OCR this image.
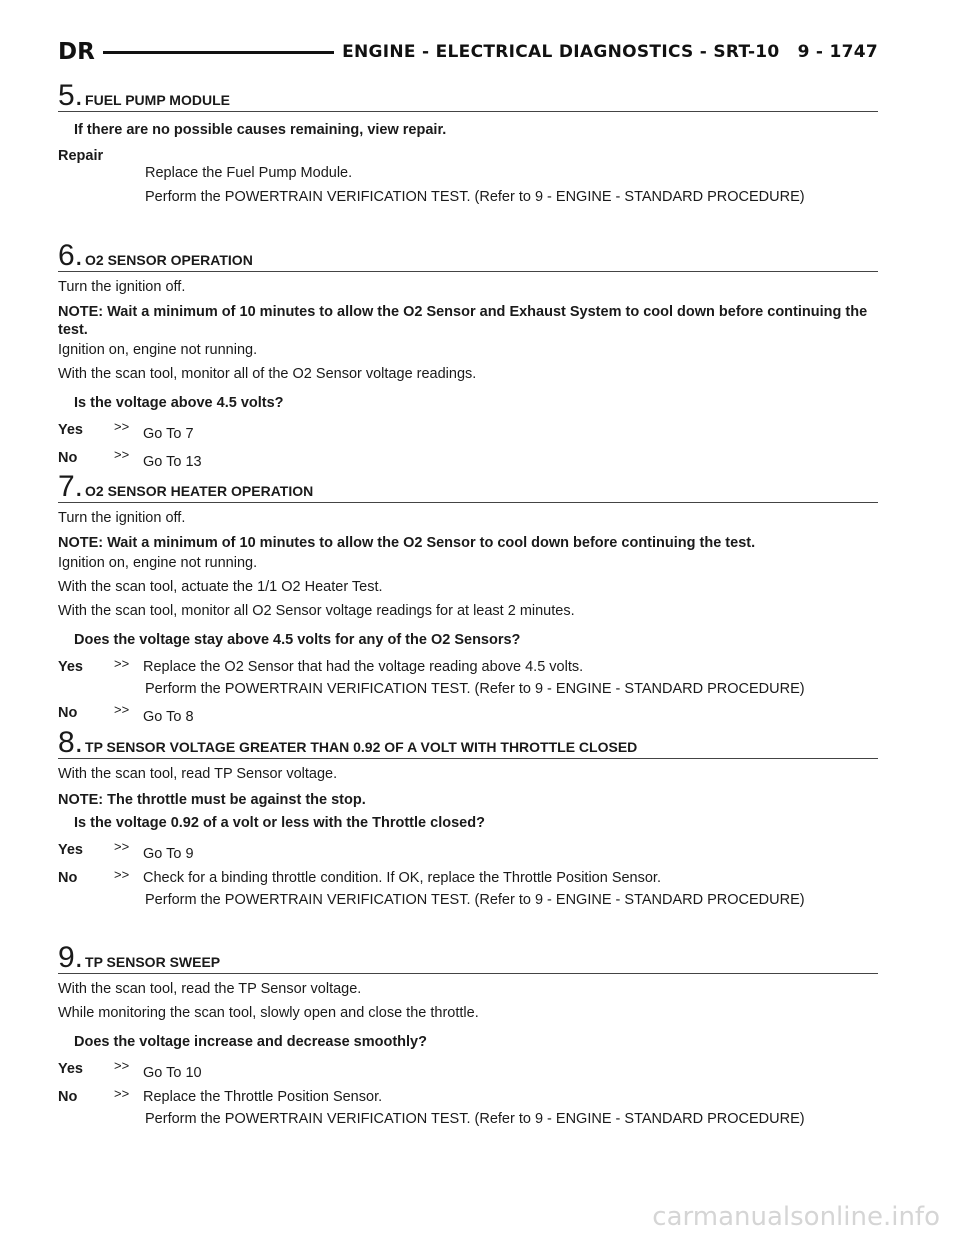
DR	ENGINE - ELECTRICAL DIAGNOSTICS - SRT-10 9 - 1747
5. FUEL PUMP MODULE
If there are no possible causes remaining, view repair.
Repair
Replace the Fuel Pump Module.
Perform the POWERTRAIN VERIFICATION TEST. (Refer to 9 - ENGINE - STANDARD PROCEDURE)
6. O2 SENSOR OPERATION
Turn the ignition off.
NOTE: Wait a minimum of 10 minutes to allow the O2 Sensor and Exhaust System to cool down before continuing the test.
Ignition on, engine not running.
With the scan tool, monitor all of the O2 Sensor voltage readings.
Is the voltage above 4.5 volts?
Yes	>> Go To 7
No	>> Go To 13
7. O2 SENSOR HEATER OPERATION
Turn the ignition off.
NOTE: Wait a minimum of 10 minutes to allow the O2 Sensor to cool down before continuing the test.
Ignition on, engine not running.
With the scan tool, actuate the 1/1 O2 Heater Test.
With the scan tool, monitor all O2 Sensor voltage readings for at least 2 minutes.
Does the voltage stay above 4.5 volts for any of the O2 Sensors?
Yes	>> Replace the O2 Sensor that had the voltage reading above 4.5 volts.
Perform the POWERTRAIN VERIFICATION TEST. (Refer to 9 - ENGINE - STANDARD PROCEDURE)
No	>> Go To 8
8. TP SENSOR VOLTAGE GREATER THAN 0.92 OF A VOLT WITH THROTTLE CLOSED
With the scan tool, read TP Sensor voltage.
NOTE: The throttle must be against the stop.
Is the voltage 0.92 of a volt or less with the Throttle closed?
Yes	>> Go To 9
No	>> Check for a binding throttle condition. If OK, replace the Throttle Position Sensor.
Perform the POWERTRAIN VERIFICATION TEST. (Refer to 9 - ENGINE - STANDARD PROCEDURE)
9. TP SENSOR SWEEP
With the scan tool, read the TP Sensor voltage.
While monitoring the scan tool, slowly open and close the throttle.
Does the voltage increase and decrease smoothly?
Yes	>> Go To 10
No	>> Replace the Throttle Position Sensor.
Perform the POWERTRAIN VERIFICATION TEST. (Refer to 9 - ENGINE - STANDARD PROCEDURE)
carmanualsonline.info
